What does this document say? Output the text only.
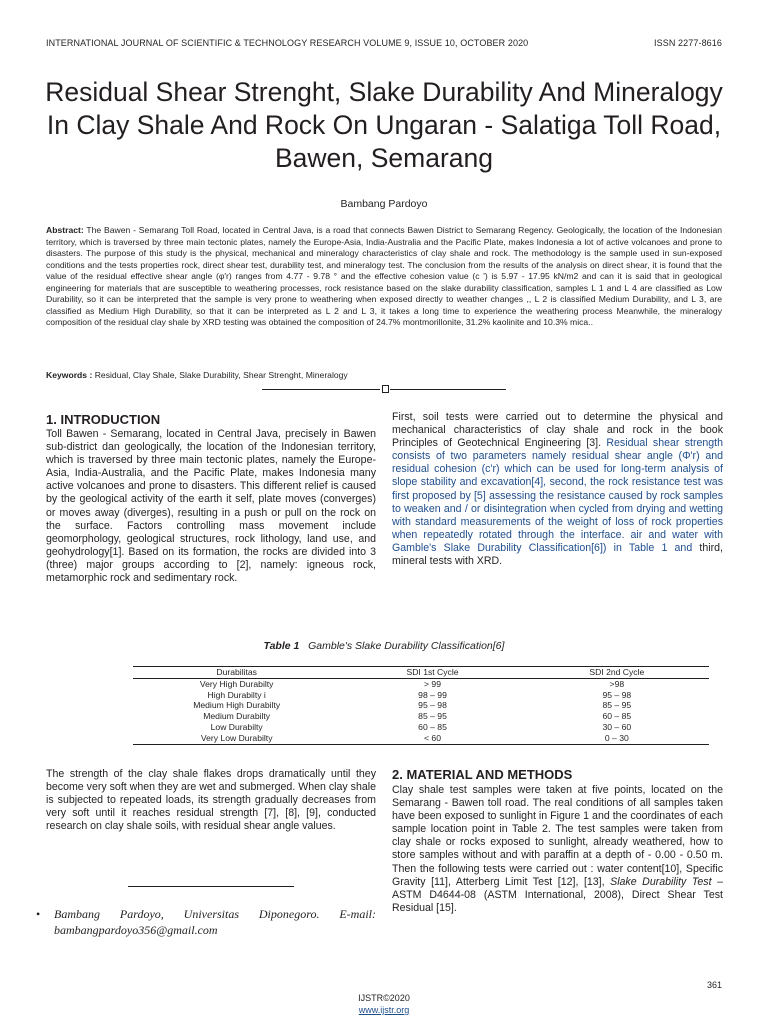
INTERNATIONAL JOURNAL OF SCIENTIFIC & TECHNOLOGY RESEARCH VOLUME 9, ISSUE 10, OCTOBER 2020	ISSN 2277-8616
Residual Shear Strenght, Slake Durability And Mineralogy In Clay Shale And Rock On Ungaran - Salatiga Toll Road, Bawen, Semarang
Bambang Pardoyo
Abstract: The Bawen - Semarang Toll Road, located in Central Java, is a road that connects Bawen District to Semarang Regency. Geologically, the location of the Indonesian territory, which is traversed by three main tectonic plates, namely the Europe-Asia, India-Australia and the Pacific Plate, makes Indonesia a lot of active volcanoes and prone to disasters. The purpose of this study is the physical, mechanical and mineralogy characteristics of clay shale and rock. The methodology is the sample used in sun-exposed conditions and the tests properties rock, direct shear test, durability test, and mineralogy test. The conclusion from the results of the analysis on direct shear, it is found that the value of the residual effective shear angle (φ'r) ranges from 4.77 - 9.78 ° and the effective cohesion value (c ') is 5.97 - 17.95 kN/m2 and can it is said that in geological engineering for materials that are susceptible to weathering processes, rock resistance based on the slake durability classification, samples L 1 and L 4 are classified as Low Durability, so it can be interpreted that the sample is very prone to weathering when exposed directly to weather changes ,, L 2 is classified Medium Durability, and L 3, are classified as Medium High Durability, so that it can be interpreted as L 2 and L 3, it takes a long time to experience the weathering process Meanwhile, the mineralogy composition of the residual clay shale by XRD testing was obtained the composition of 24.7% montmorillonite, 31.2% kaolinite and 10.3% mica..
Keywords : Residual, Clay Shale, Slake Durability, Shear Strenght, Mineralogy
1. INTRODUCTION
Toll Bawen - Semarang, located in Central Java, precisely in Bawen sub-district dan geologically, the location of the Indonesian territory, which is traversed by three main tectonic plates, namely the Europe-Asia, India-Australia, and the Pacific Plate, makes Indonesia many active volcanoes and prone to disasters. This different relief is caused by the geological activity of the earth it self, plate moves (converges) or moves away (diverges), resulting in a push or pull on the rock on the surface. Factors controlling mass movement include geomorphology, geological structures, rock lithology, land use, and geohydrology[1]. Based on its formation, the rocks are divided into 3 (three) major groups according to [2], namely: igneous rock, metamorphic rock and sedimentary rock.
First, soil tests were carried out to determine the physical and mechanical characteristics of clay shale and rock in the book Principles of Geotechnical Engineering [3]. Residual shear strength consists of two parameters namely residual shear angle (Φ'r) and residual cohesion (c'r) which can be used for long-term analysis of slope stability and excavation[4], second, the rock resistance test was first proposed by [5] assessing the resistance caused by rock samples to weaken and / or disintegration when cycled from drying and wetting with standard measurements of the weight of loss of rock properties when repeatedly rotated through the interface. air and water with Gamble's Slake Durability Classification[6]) in Table 1 and third, mineral tests with XRD.
Table 1 Gamble's Slake Durability Classification[6]
Durabilitas	SDI 1st Cycle	SDI 2nd Cycle
Very High Durabilty	> 99	>98
High Durabilty i	98 – 99	95 – 98
Medium High Durabilty	95 – 98	85 – 95
Medium Durabilty	85 – 95	60 – 85
Low Durabilty	60 – 85	30 – 60
Very Low Durabilty	< 60	0 – 30
The strength of the clay shale flakes drops dramatically until they become very soft when they are wet and submerged. When clay shale is subjected to repeated loads, its strength gradually decreases from very soft until it reaches residual strength [7], [8], [9], conducted research on clay shale soils, with residual shear angle values.
2. MATERIAL AND METHODS
Clay shale test samples were taken at five points, located on the Semarang - Bawen toll road. The real conditions of all samples taken have been exposed to sunlight in Figure 1 and the coordinates of each sample location point in Table 2. The test samples were taken from clay shale or rocks exposed to sunlight, already weathered, how to store samples without and with paraffin at a depth of - 0.00 - 0.50 m. Then the following tests were carried out : water content[10], Specific Gravity [11], Atterberg Limit Test [12], [13], Slake Durability Test – ASTM D4644-08 (ASTM International, 2008), Direct Shear Test Residual [15].
•	Bambang Pardoyo, Universitas Diponegoro. E-mail: bambangpardoyo356@gmail.com
361
IJSTR©2020
www.ijstr.org
